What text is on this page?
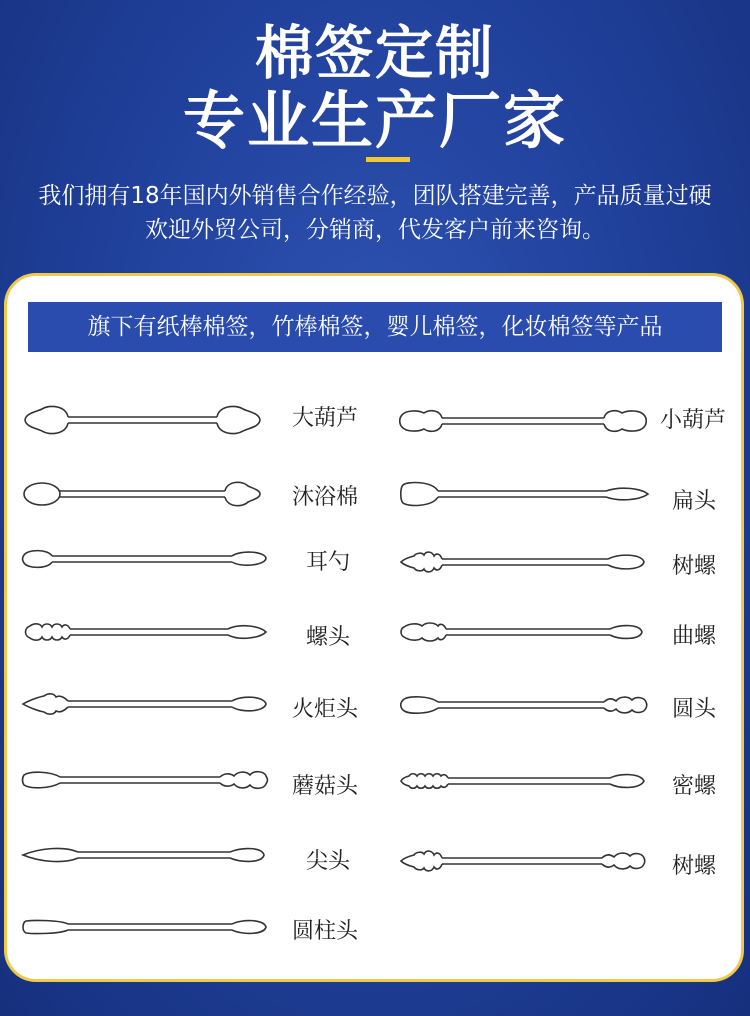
棉签定制
专业生产厂家
我们拥有18年国内外销售合作经验，团队搭建完善，产品质量过硬
欢迎外贸公司，分销商，代发客户前来咨询。
旗下有纸棒棉签，竹棒棉签，婴儿棉签，化妆棉签等产品
大葫芦
沐浴棉
耳勺
螺头
火炬头
蘑菇头
尖头
圆柱头
小葫芦
扁头
树螺
曲螺
圆头
密螺
树螺
